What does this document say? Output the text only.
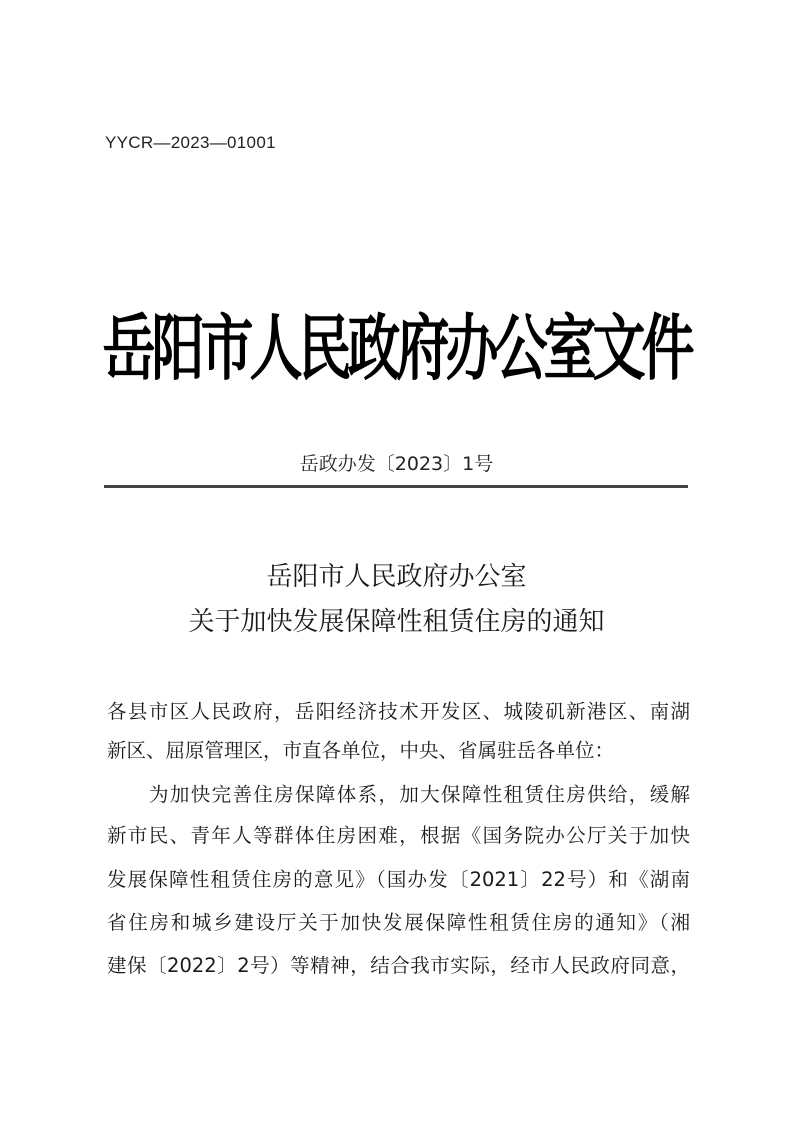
YYCR—2023—01001
岳阳市人民政府办公室文件
岳政办发〔2023〕1号
岳阳市人民政府办公室
关于加快发展保障性租赁住房的通知
各县市区人民政府，岳阳经济技术开发区、城陵矶新港区、南湖
新区、屈原管理区，市直各单位，中央、省属驻岳各单位：
为加快完善住房保障体系，加大保障性租赁住房供给，缓解
新市民、青年人等群体住房困难，根据《国务院办公厅关于加快
发展保障性租赁住房的意见》（国办发〔2021〕22号）和《湖南
省住房和城乡建设厅关于加快发展保障性租赁住房的通知》（湘
建保〔2022〕2号）等精神，结合我市实际，经市人民政府同意，
